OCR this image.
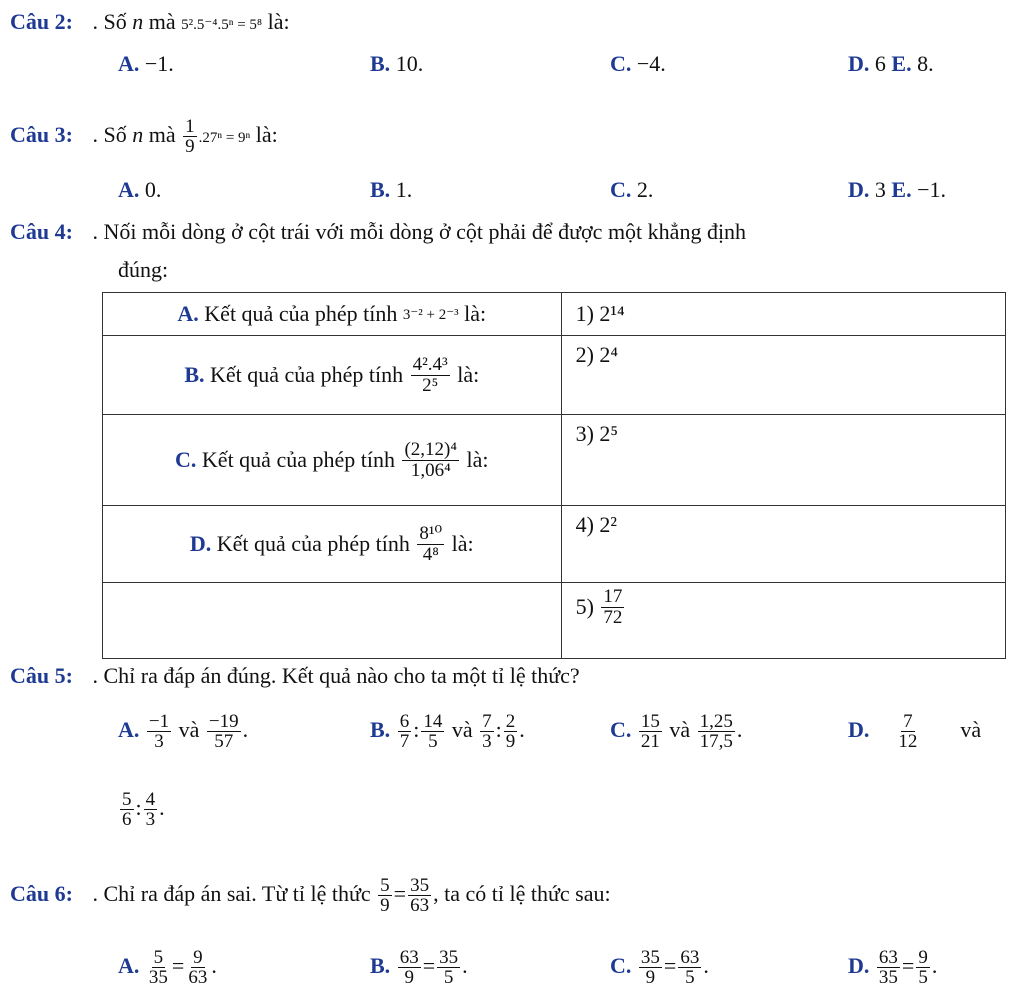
Câu 2: . Số n mà 5².5⁻⁴.5ⁿ = 5⁸ là:
A. −1.	B. 10.	C. −4.	D. 6 E. 8.
Câu 3: . Số n mà $\frac{1}{9} .27^n = 9^n$ là:
A. 0.	B. 1.	C. 2.	D. 3 E. −1.
Câu 4: . Nối mỗi dòng ở cột trái với mỗi dòng ở cột phải để được một khẳng định
đúng:
A.
Kết quả của phép tính
3⁻² + 2⁻³
là:	1) 2¹⁴

B.
Kết quả của phép tính
$\frac{\text{4².4³}}{\text{2⁵}}$
là:	2) 2⁴

C.
Kết quả của phép tính
$\frac{\text{(2,12)⁴}}{\text{1,06⁴}}$
là:	3) 2⁵

D.
Kết quả của phép tính
$\frac{\text{8¹⁰}}{\text{4⁸}}$
là:	4) 2²

	5)
$\frac{17}{72}$
Câu 5: . Chỉ ra đáp án đúng. Kết quả nào cho ta một tỉ lệ thức?
A. $\frac{-1}{3}$ và $\frac{-19}{57}$ .	B. $\frac{6}{7}$ : $\frac{14}{5}$ và $\frac{7}{3}$ : $\frac{2}{9}$ .	C. $\frac{15}{21}$ và $\frac{1,25}{17,5}$ .	D. $\frac{7}{12}$ và
$\frac{5}{6}$ : $\frac{4}{3}$ .
Câu 6: . Chỉ ra đáp án sai. Từ tỉ lệ thức $\frac{5}{9} = \frac{35}{63}$ , ta có tỉ lệ thức sau:
A. $\frac{5}{35} = \frac{9}{63}$ .	B. $\frac{63}{9} = \frac{35}{5}$ .	C. $\frac{35}{9} = \frac{63}{5}$ .	D. $\frac{63}{35} = \frac{9}{5}$ .
